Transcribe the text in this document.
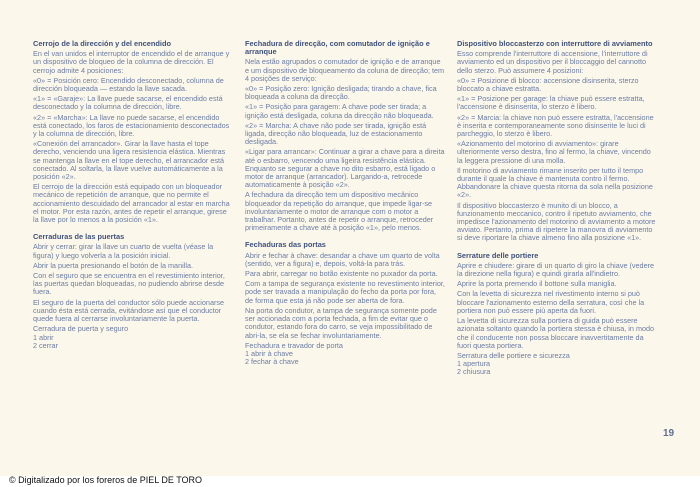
Cerrojo de la dirección y del encendido

En el van unidos el interruptor de encendido el de arranque y un dispositivo de bloqueo de la columna de dirección. El cerrojo admite 4 posiciones:

«0» = Posición cero: Encendido desconectado, columna de dirección bloqueada — estando la llave sacada.

«1» = «Garaje»: La llave puede sacarse, el encendido está desconectado y la columna de dirección, libre.

«2» = «Marcha»: La llave no puede sacarse, el encendido está conectado, los faros de estacionamiento desconectados y la columna de dirección, libre.

«Conexión del arrancador». Girar la llave hasta el tope derecho, venciendo una ligera resistencia elástica. Mientras se mantenga la llave en el tope derecho, el arrancador está conectado. Al soltarla, la llave vuelve automáticamente a la posición «2».

El cerrojo de la dirección está equipado con un bloqueador mecánico de repetición de arranque, que no permite el accionamiento descuidado del arrancador al estar en marcha el motor. Por esta razón, antes de repetir el arranque, girese la llave por lo menos a la posición «1».

Cerraduras de las puertas

Abrir y cerrar: girar la llave un cuarto de vuelta (véase la figura) y luego volverla a la posición inicial.

Abrir la puerta presionando el botón de la manilla.

Con el seguro que se encuentra en el revestimiento interior, las puertas quedan bloqueadas, no pudiendo abrirse desde fuera.

El seguro de la puerta del conductor sólo puede accionarse cuando ésta está cerrada, evitándose así que el conductor quede fuera al cerrarse involuntariamente la puerta.

Cerradura de puerta y seguro
1 abrir
2 cerrar
Fechadura de direcção, com comutador de ignição e arranque

Nela estão agrupados o comutador de ignição e de arranque e um dispositivo de bloqueamento da coluna de direcção; tem 4 posições de serviço:

«0» = Posição zero: Ignição desligada; tirando a chave, fica bloqueada a coluna da direcção.

«1» = Posição para garagem: A chave pode ser tirada; a ignição está desligada, coluna da direcção não bloqueada.

«2» = Marcha: A chave não pode ser tirada, ignição está ligada, direcção não bloqueada, luz de estacionamento desligada.

«Ligar para arrancar»: Continuar a girar a chave para a direita até o esbarro, vencendo uma ligeira resistência elástica. Enquanto se segurar a chave no dito esbarro, está ligado o motor de arranque (arrancador). Largando-a, retrocede automaticamente à posição «2».

A fechadura da direcção tem um dispositivo mecânico bloqueador da repetição do arranque, que impede ligar-se involuntariamente o motor de arranque com o motor a trabalhar. Portanto, antes de repetir o arranque, retroceder primeiramente a chave até à posição «1», pelo menos.

Fechaduras das portas

Abrir e fechar à chave: desandar a chave um quarto de volta (sentido, ver a figura) e, depois, voltá-la para trás.

Para abrir, carregar no botão existente no puxador da porta.

Com a tampa de segurança existente no revestimento interior, pode ser travada a manipulação do fecho da porta por fora, de forma que esta já não pode ser aberta de fora.

Na porta do condutor, a tampa de segurança somente pode ser accionada com a porta fechada, a fim de evitar que o condutor, estando fora do carro, se veja impossibilitado de abri-la, se ela se fechar involuntariamente.

Fechadura e travador de porta
1 abrir à chave
2 fechar à chave
Dispositivo bloccasterzo con interruttore di avviamento

Esso comprende l'interruttore di accensione, l'interruttore di avviamento ed un dispositivo per il bloccaggio del cannotto dello sterzo. Può assumere 4 posizioni:

«0» = Posizione di blocco: accensione disinserita, sterzo bloccato a chiave estratta.

«1» = Posizione per garage: la chiave può essere estratta, l'accensione è disinserita, lo sterzo è libero.

«2» = Marcia: la chiave non può essere estratta, l'accensione è inserita e contemporaneamente sono disinserite le luci di parcheggio, lo sterzo è libero.

«Azionamento del motorino di avviamento»: girare ulteriormente verso destra, fino al fermo, la chiave, vincendo la leggera pressione di una molla.

Il motorino di avviamento rimane inserito per tutto il tempo durante il quale la chiave è mantenuta contro il fermo. Abbandonare la chiave questa ritorna da sola nella posizione «2».

Il dispositivo bloccasterzo è munito di un blocco, a funzionamento meccanico, contro il ripetuto avviamento, che impedisce l'azionamento del motorino di avviamento a motore avviato. Pertanto, prima di ripetere la manovra di avviamento si deve riportare la chiave almeno fino alla posizione «1».

Serrature delle portiere

Aprire e chiudere: girare di un quarto di giro la chiave (vedere la direzione nella figura) e quindi girarla all'indietro.

Aprire la porta premendo il bottone sulla maniglia.

Con la levetta di sicurezza nel rivestimento interno si può bloccare l'azionamento esterno della serratura, così che la portiera non può essere più aperta da fuori.

La levetta di sicurezza sulla portiera di guida può essere azionata soltanto quando la portiera stessa è chiusa, in modo che il conducente non possa bloccare inavvertitamente da fuori questa portiera.

Serratura delle portiere e sicurezza
1 apertura
2 chiusura
19
© Digitalizado por los foreros de PIEL DE TORO
